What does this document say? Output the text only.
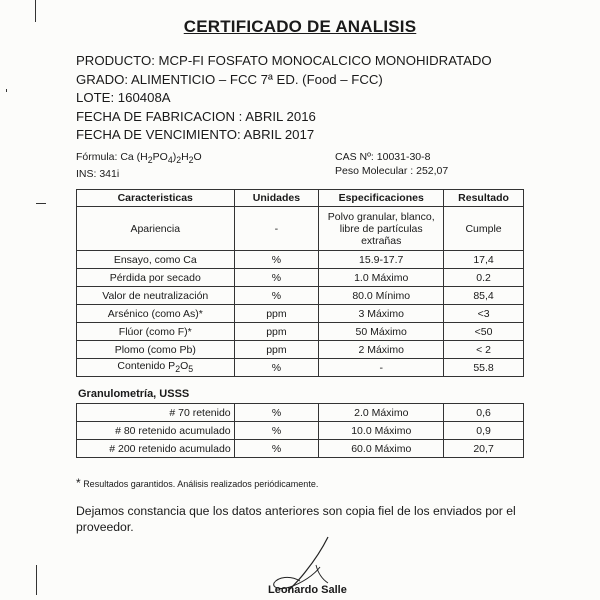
CERTIFICADO DE ANALISIS
PRODUCTO: MCP-FI FOSFATO MONOCALCICO MONOHIDRATADO
GRADO: ALIMENTICIO – FCC 7ª ED. (Food – FCC)
LOTE: 160408A
FECHA DE FABRICACION : ABRIL 2016
FECHA DE VENCIMIENTO: ABRIL 2017
Fórmula: Ca $(H_2PO_4)_2H_2O$
INS: 341i
CAS Nº: 10031-30-8
Peso Molecular : 252,07
Caracteristicas	Unidades	Especificaciones	Resultado
Apariencia	-	Polvo granular, blanco, libre de partículas extrañas	Cumple
Ensayo, como Ca	%	15.9-17.7	17,4
Pérdida por secado	%	1.0 Máximo	0.2
Valor de neutralización	%	80.0 Mínimo	85,4
Arsénico (como As)*	ppm	3 Máximo	<3
Flúor (como F)*	ppm	50 Máximo	<50
Plomo (como Pb)	ppm	2 Máximo	< 2
Contenido $P_2O_5$	%	-	55.8
Granulometría, USSS
# 70 retenido	%	2.0 Máximo	0,6
# 80 retenido acumulado	%	10.0 Máximo	0,9
# 200 retenido acumulado	%	60.0 Máximo	20,7
* Resultados garantidos. Análisis realizados periódicamente.
Dejamos constancia que los datos anteriores son copia fiel de los enviados por el proveedor.
Leonardo Salle
